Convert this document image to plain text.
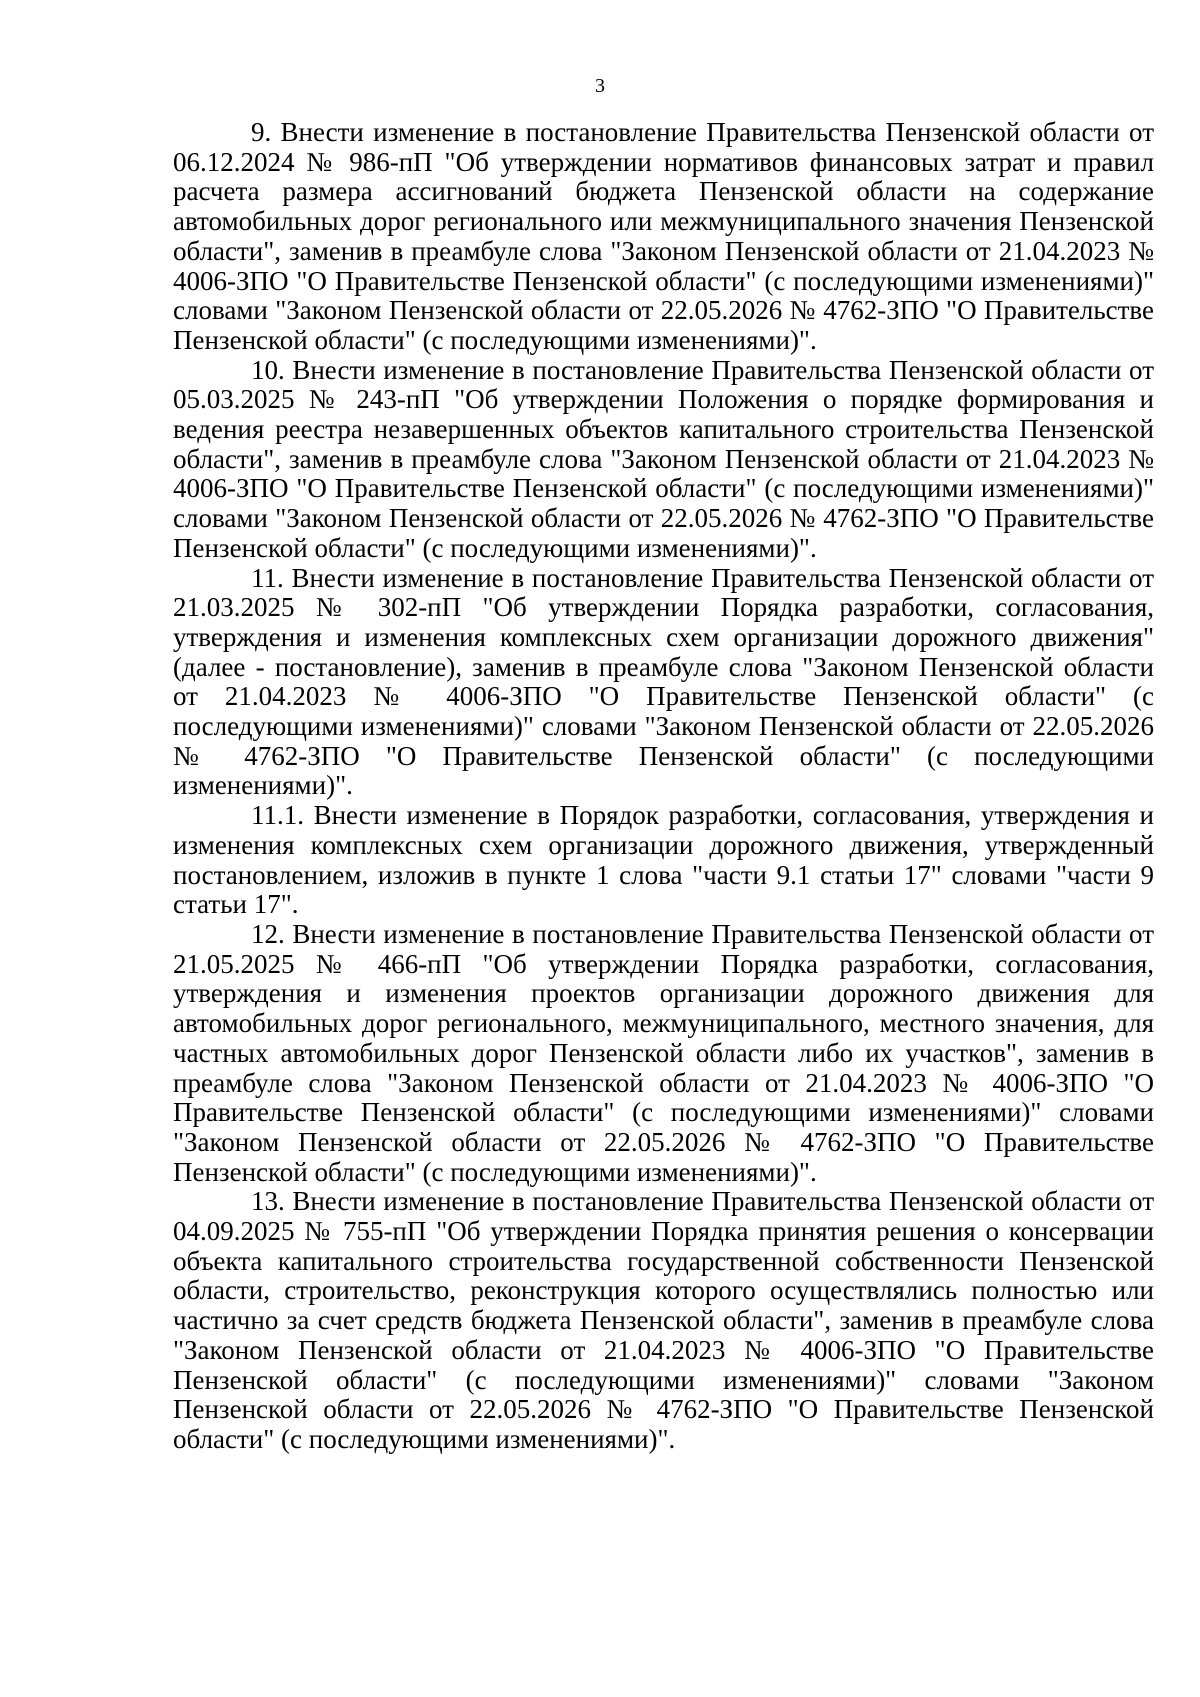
3

9. Внести изменение в постановление Правительства Пензенской области от 06.12.2024 № 986-пП "Об утверждении нормативов финансовых затрат и правил расчета размера ассигнований бюджета Пензенской области на содержание автомобильных дорог регионального или межмуниципального значения Пензенской области", заменив в преамбуле слова "Законом Пензенской области от 21.04.2023 № 4006-ЗПО "О Правительстве Пензенской области" (с последующими изменениями)" словами "Законом Пензенской области от 22.05.2026 № 4762-ЗПО "О Правительстве Пензенской области" (с последующими изменениями)".

10. Внести изменение в постановление Правительства Пензенской области от 05.03.2025 № 243-пП "Об утверждении Положения о порядке формирования и ведения реестра незавершенных объектов капитального строительства Пензенской области", заменив в преамбуле слова "Законом Пензенской области от 21.04.2023 № 4006-ЗПО "О Правительстве Пензенской области" (с последующими изменениями)" словами "Законом Пензенской области от 22.05.2026 № 4762-ЗПО "О Правительстве Пензенской области" (с последующими изменениями)".

11. Внести изменение в постановление Правительства Пензенской области от 21.03.2025 № 302-пП "Об утверждении Порядка разработки, согласования, утверждения и изменения комплексных схем организации дорожного движения" (далее - постановление), заменив в преамбуле слова "Законом Пензенской области от 21.04.2023 № 4006-ЗПО "О Правительстве Пензенской области" (с последующими изменениями)" словами "Законом Пензенской области от 22.05.2026 № 4762-ЗПО "О Правительстве Пензенской области" (с последующими изменениями)".

11.1. Внести изменение в Порядок разработки, согласования, утверждения и изменения комплексных схем организации дорожного движения, утвержденный постановлением, изложив в пункте 1 слова "части 9.1 статьи 17" словами "части 9 статьи 17".

12. Внести изменение в постановление Правительства Пензенской области от 21.05.2025 № 466-пП "Об утверждении Порядка разработки, согласования, утверждения и изменения проектов организации дорожного движения для автомобильных дорог регионального, межмуниципального, местного значения, для частных автомобильных дорог Пензенской области либо их участков", заменив в преамбуле слова "Законом Пензенской области от 21.04.2023 № 4006-ЗПО "О Правительстве Пензенской области" (с последующими изменениями)" словами "Законом Пензенской области от 22.05.2026 № 4762-ЗПО "О Правительстве Пензенской области" (с последующими изменениями)".

13. Внести изменение в постановление Правительства Пензенской области от 04.09.2025 № 755-пП "Об утверждении Порядка принятия решения о консервации объекта капитального строительства государственной собственности Пензенской области, строительство, реконструкция которого осуществлялись полностью или частично за счет средств бюджета Пензенской области", заменив в преамбуле слова "Законом Пензенской области от 21.04.2023 № 4006-ЗПО "О Правительстве Пензенской области" (с последующими изменениями)" словами "Законом Пензенской области от 22.05.2026 № 4762-ЗПО "О Правительстве Пензенской области" (с последующими изменениями)".
